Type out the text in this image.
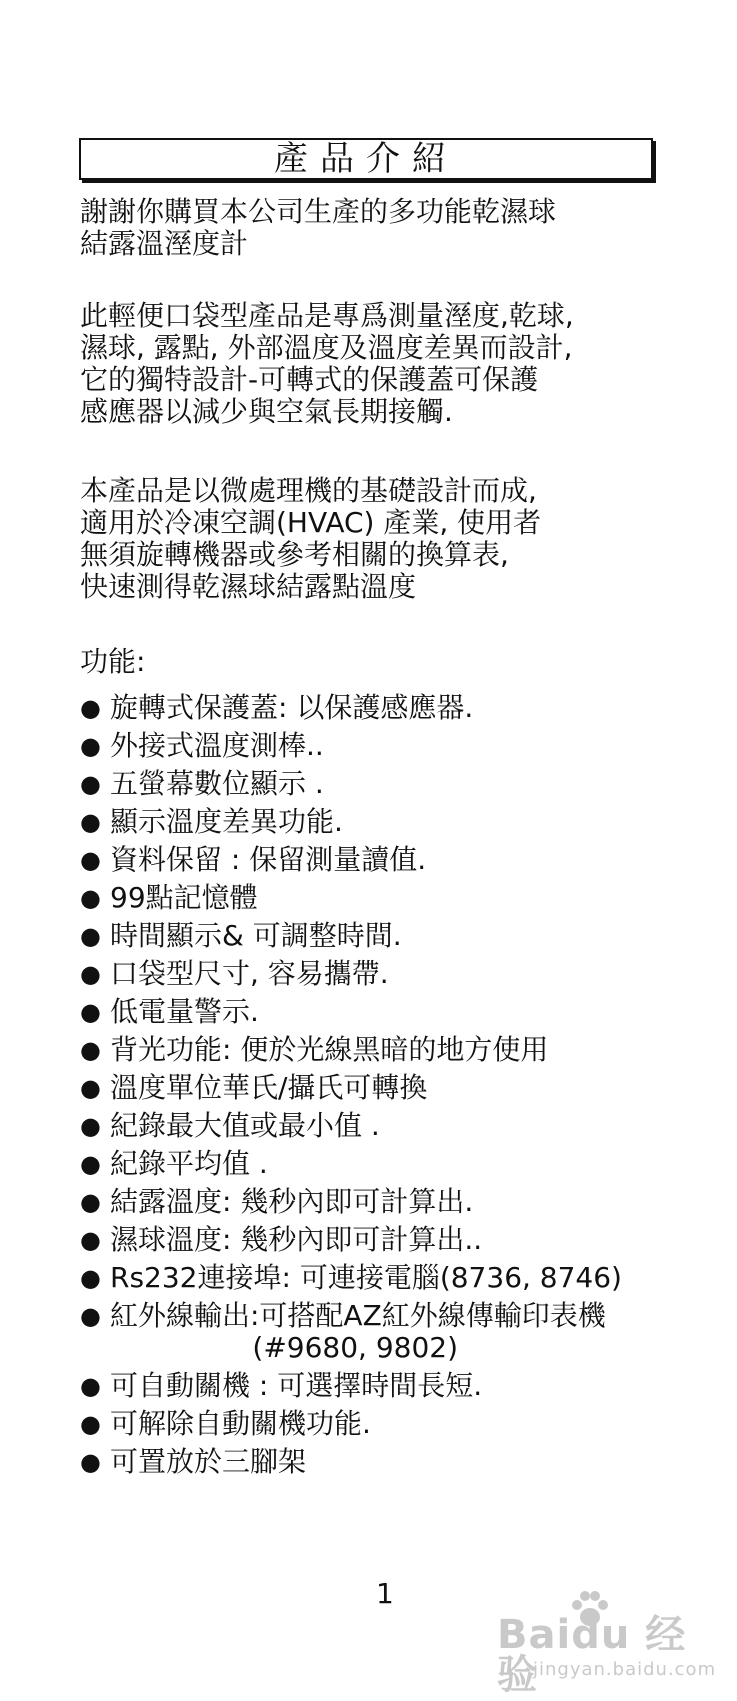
產品介紹
謝謝你購買本公司生產的多功能乾濕球
結露溫溼度計
此輕便口袋型產品是專爲測量溼度,乾球,
濕球, 露點, 外部溫度及溫度差異而設計,
它的獨特設計-可轉式的保護蓋可保護
感應器以減少與空氣長期接觸.
本產品是以微處理機的基礎設計而成,
適用於冷凍空調(HVAC) 產業, 使用者
無須旋轉機器或參考相關的換算表,
快速測得乾濕球結露點溫度
功能:
● 旋轉式保護蓋: 以保護感應器.
● 外接式溫度測棒..
● 五螢幕數位顯示 .
● 顯示溫度差異功能.
● 資料保留 : 保留測量讀值.
● 99點記憶體
● 時間顯示& 可調整時間.
● 口袋型尺寸, 容易攜帶.
● 低電量警示.
● 背光功能: 便於光線黑暗的地方使用
● 溫度單位華氏/攝氏可轉換
● 紀錄最大值或最小值 .
● 紀錄平均值 .
● 結露溫度: 幾秒內即可計算出.
● 濕球溫度: 幾秒內即可計算出..
● Rs232連接埠: 可連接電腦(8736, 8746)
● 紅外線輸出:可搭配AZ紅外線傳輸印表機
(#9680, 9802)
● 可自動關機 : 可選擇時間長短.
● 可解除自動關機功能.
● 可置放於三腳架
1
Baidu 经验
jingyan.baidu.com
